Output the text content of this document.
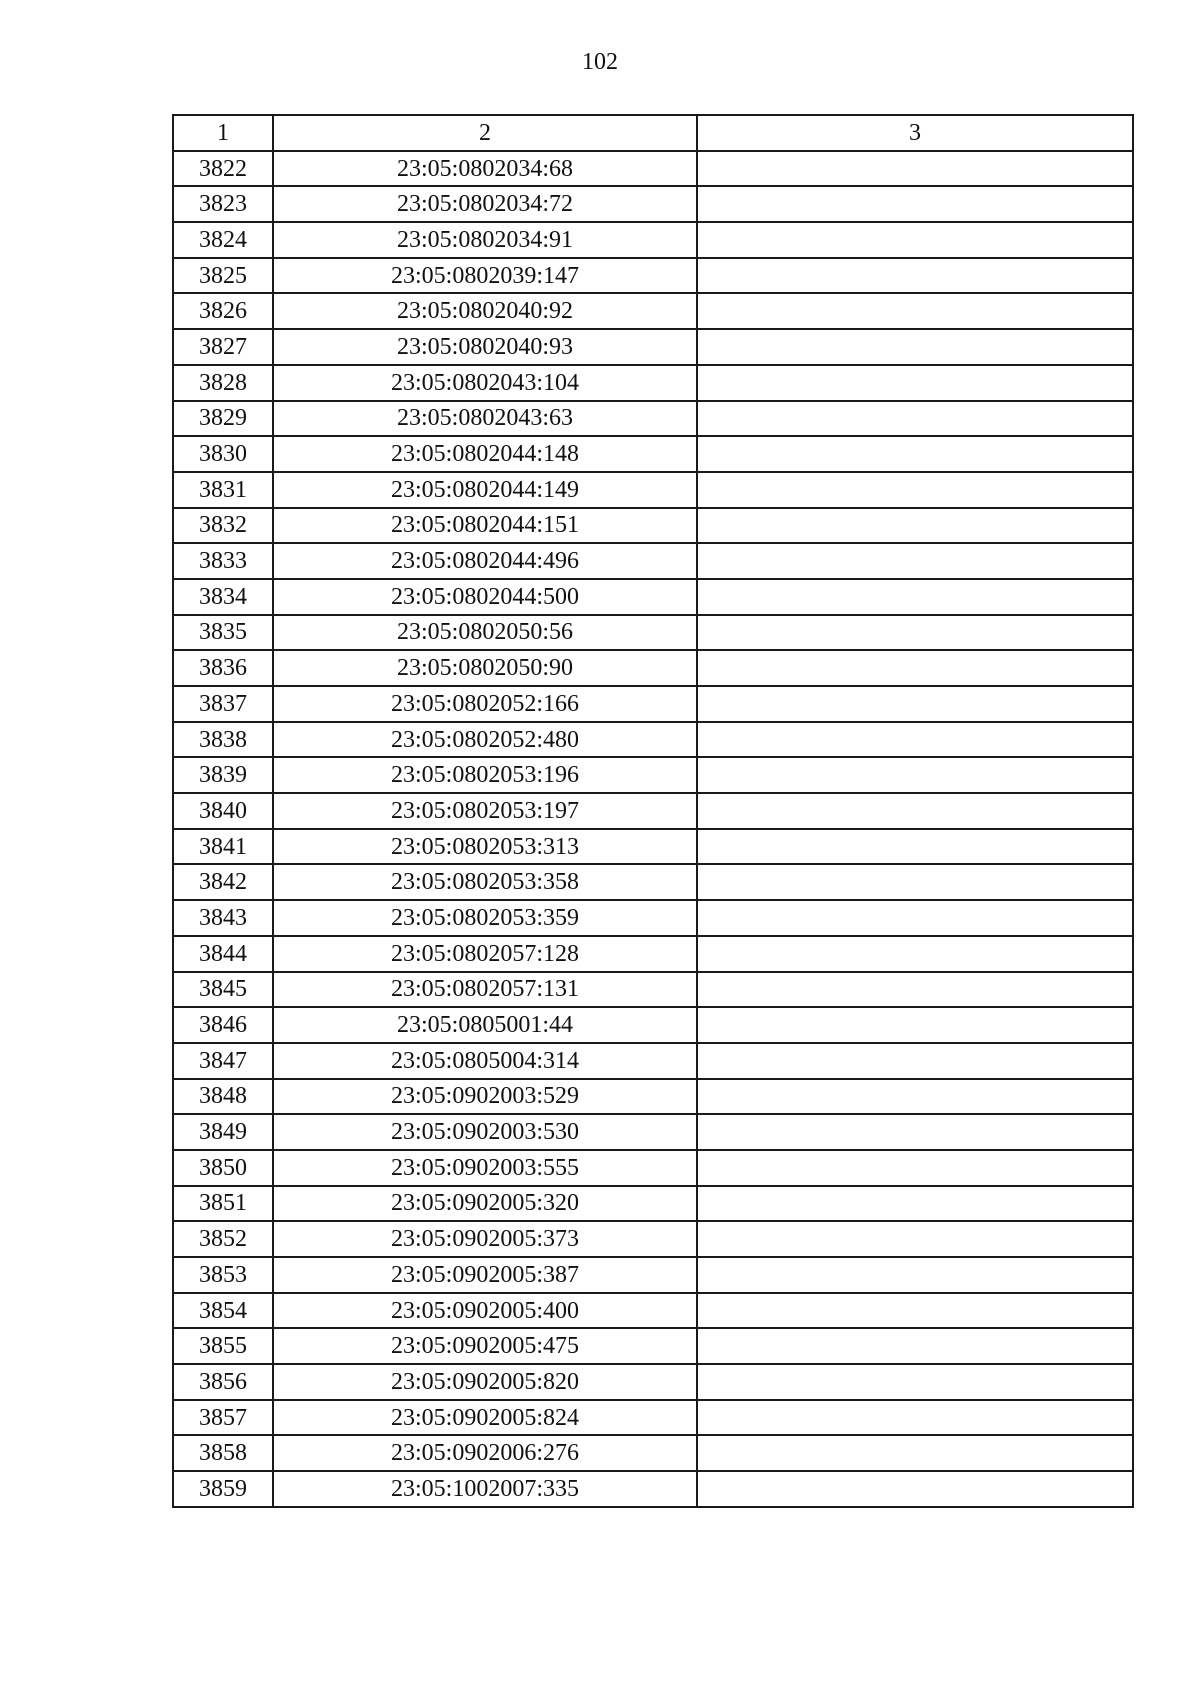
102
1	2	3
3822	23:05:0802034:68	
3823	23:05:0802034:72	
3824	23:05:0802034:91	
3825	23:05:0802039:147	
3826	23:05:0802040:92	
3827	23:05:0802040:93	
3828	23:05:0802043:104	
3829	23:05:0802043:63	
3830	23:05:0802044:148	
3831	23:05:0802044:149	
3832	23:05:0802044:151	
3833	23:05:0802044:496	
3834	23:05:0802044:500	
3835	23:05:0802050:56	
3836	23:05:0802050:90	
3837	23:05:0802052:166	
3838	23:05:0802052:480	
3839	23:05:0802053:196	
3840	23:05:0802053:197	
3841	23:05:0802053:313	
3842	23:05:0802053:358	
3843	23:05:0802053:359	
3844	23:05:0802057:128	
3845	23:05:0802057:131	
3846	23:05:0805001:44	
3847	23:05:0805004:314	
3848	23:05:0902003:529	
3849	23:05:0902003:530	
3850	23:05:0902003:555	
3851	23:05:0902005:320	
3852	23:05:0902005:373	
3853	23:05:0902005:387	
3854	23:05:0902005:400	
3855	23:05:0902005:475	
3856	23:05:0902005:820	
3857	23:05:0902005:824	
3858	23:05:0902006:276	
3859	23:05:1002007:335	
